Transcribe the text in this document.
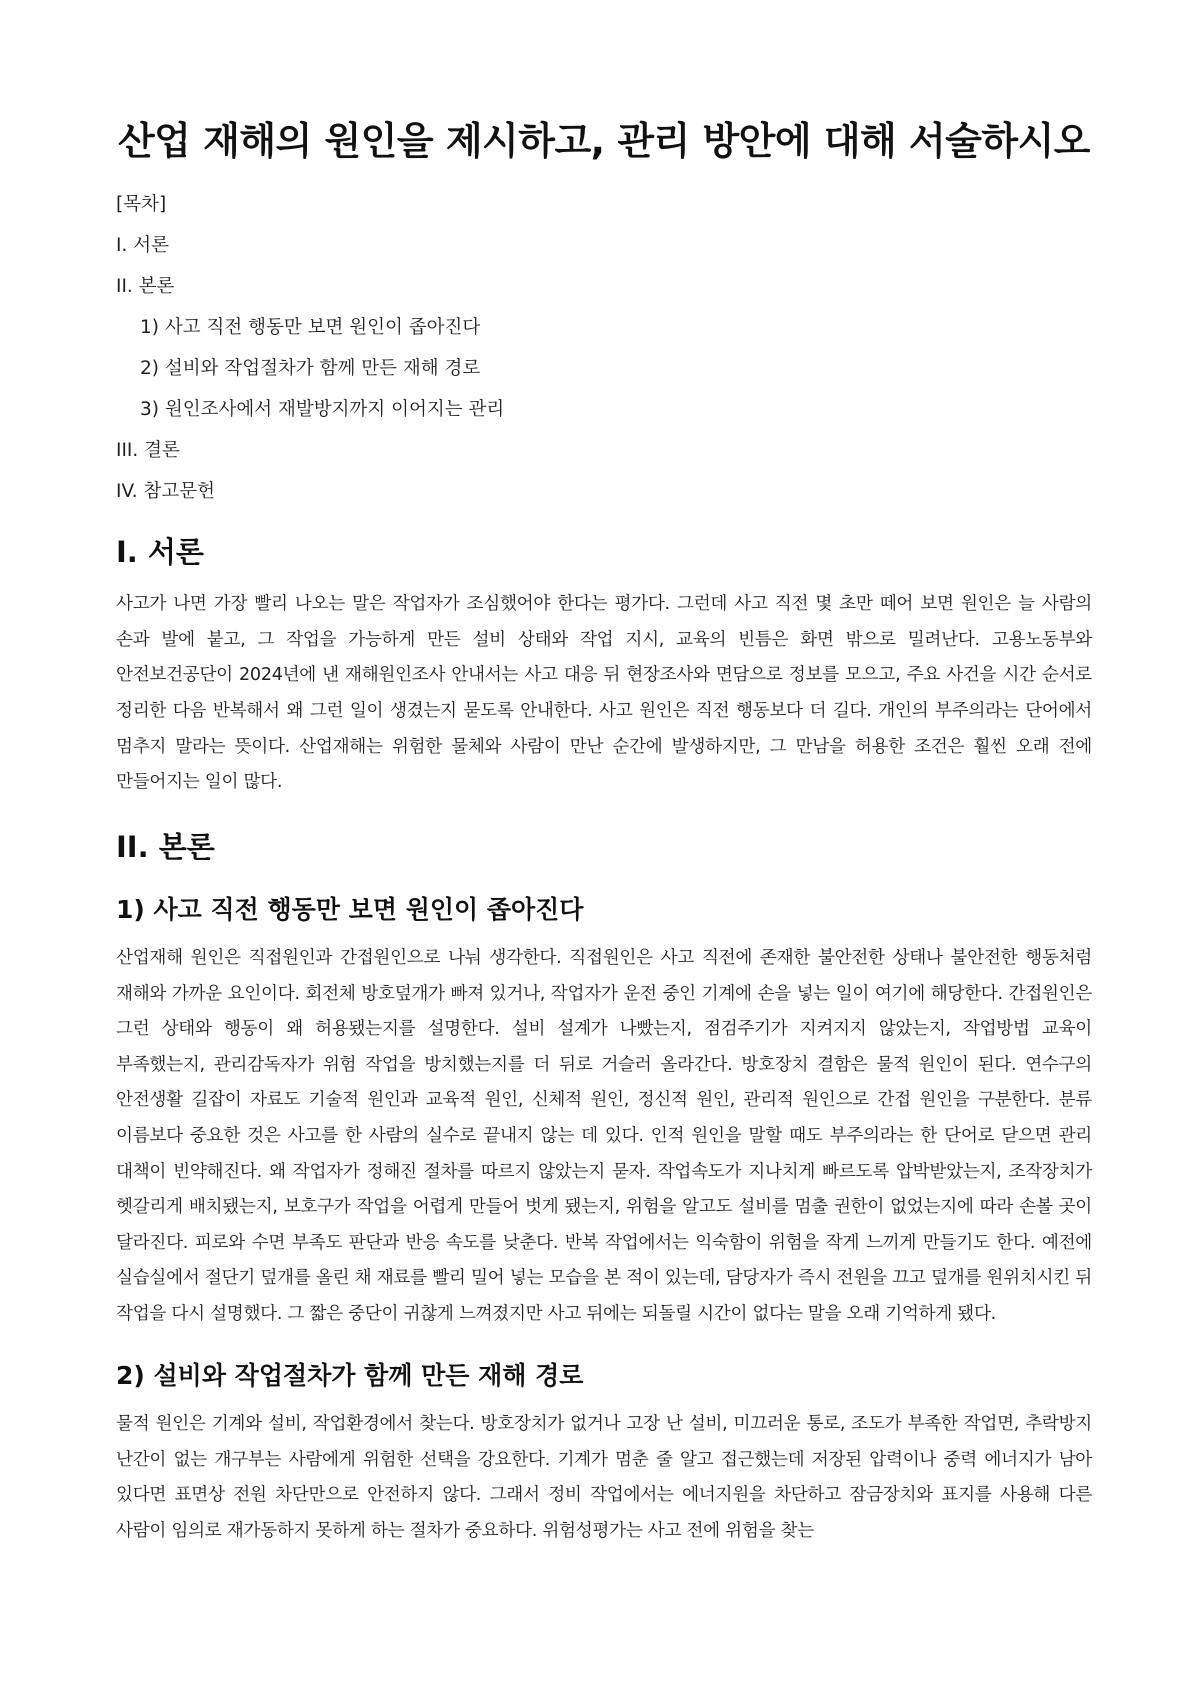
산업 재해의 원인을 제시하고, 관리 방안에 대해 서술하시오
[목차]
I. 서론
II. 본론
1) 사고 직전 행동만 보면 원인이 좁아진다
2) 설비와 작업절차가 함께 만든 재해 경로
3) 원인조사에서 재발방지까지 이어지는 관리
III. 결론
IV. 참고문헌
I. 서론

사고가 나면 가장 빨리 나오는 말은 작업자가 조심했어야 한다는 평가다. 그런데 사고 직전 몇 초만 떼어 보면 원인은 늘 사람의 손과 발에 붙고, 그 작업을 가능하게 만든 설비 상태와 작업 지시, 교육의 빈틈은 화면 밖으로 밀려난다. 고용노동부와 안전보건공단이 2024년에 낸 재해원인조사 안내서는 사고 대응 뒤 현장조사와 면담으로 정보를 모으고, 주요 사건을 시간 순서로 정리한 다음 반복해서 왜 그런 일이 생겼는지 묻도록 안내한다. 사고 원인은 직전 행동보다 더 길다. 개인의 부주의라는 단어에서 멈추지 말라는 뜻이다. 산업재해는 위험한 물체와 사람이 만난 순간에 발생하지만, 그 만남을 허용한 조건은 훨씬 오래 전에 만들어지는 일이 많다.

II. 본론
1) 사고 직전 행동만 보면 원인이 좁아진다

산업재해 원인은 직접원인과 간접원인으로 나눠 생각한다. 직접원인은 사고 직전에 존재한 불안전한 상태나 불안전한 행동처럼 재해와 가까운 요인이다. 회전체 방호덮개가 빠져 있거나, 작업자가 운전 중인 기계에 손을 넣는 일이 여기에 해당한다. 간접원인은 그런 상태와 행동이 왜 허용됐는지를 설명한다. 설비 설계가 나빴는지, 점검주기가 지켜지지 않았는지, 작업방법 교육이 부족했는지, 관리감독자가 위험 작업을 방치했는지를 더 뒤로 거슬러 올라간다. 방호장치 결함은 물적 원인이 된다. 연수구의 안전생활 길잡이 자료도 기술적 원인과 교육적 원인, 신체적 원인, 정신적 원인, 관리적 원인으로 간접 원인을 구분한다. 분류 이름보다 중요한 것은 사고를 한 사람의 실수로 끝내지 않는 데 있다. 인적 원인을 말할 때도 부주의라는 한 단어로 닫으면 관리 대책이 빈약해진다. 왜 작업자가 정해진 절차를 따르지 않았는지 묻자. 작업속도가 지나치게 빠르도록 압박받았는지, 조작장치가 헷갈리게 배치됐는지, 보호구가 작업을 어렵게 만들어 벗게 됐는지, 위험을 알고도 설비를 멈출 권한이 없었는지에 따라 손볼 곳이 달라진다. 피로와 수면 부족도 판단과 반응 속도를 낮춘다. 반복 작업에서는 익숙함이 위험을 작게 느끼게 만들기도 한다. 예전에 실습실에서 절단기 덮개를 올린 채 재료를 빨리 밀어 넣는 모습을 본 적이 있는데, 담당자가 즉시 전원을 끄고 덮개를 원위치시킨 뒤 작업을 다시 설명했다. 그 짧은 중단이 귀찮게 느껴졌지만 사고 뒤에는 되돌릴 시간이 없다는 말을 오래 기억하게 됐다.

2) 설비와 작업절차가 함께 만든 재해 경로

물적 원인은 기계와 설비, 작업환경에서 찾는다. 방호장치가 없거나 고장 난 설비, 미끄러운 통로, 조도가 부족한 작업면, 추락방지 난간이 없는 개구부는 사람에게 위험한 선택을 강요한다. 기계가 멈춘 줄 알고 접근했는데 저장된 압력이나 중력 에너지가 남아 있다면 표면상 전원 차단만으로 안전하지 않다. 그래서 정비 작업에서는 에너지원을 차단하고 잠금장치와 표지를 사용해 다른 사람이 임의로 재가동하지 못하게 하는 절차가 중요하다. 위험성평가는 사고 전에 위험을 찾는
